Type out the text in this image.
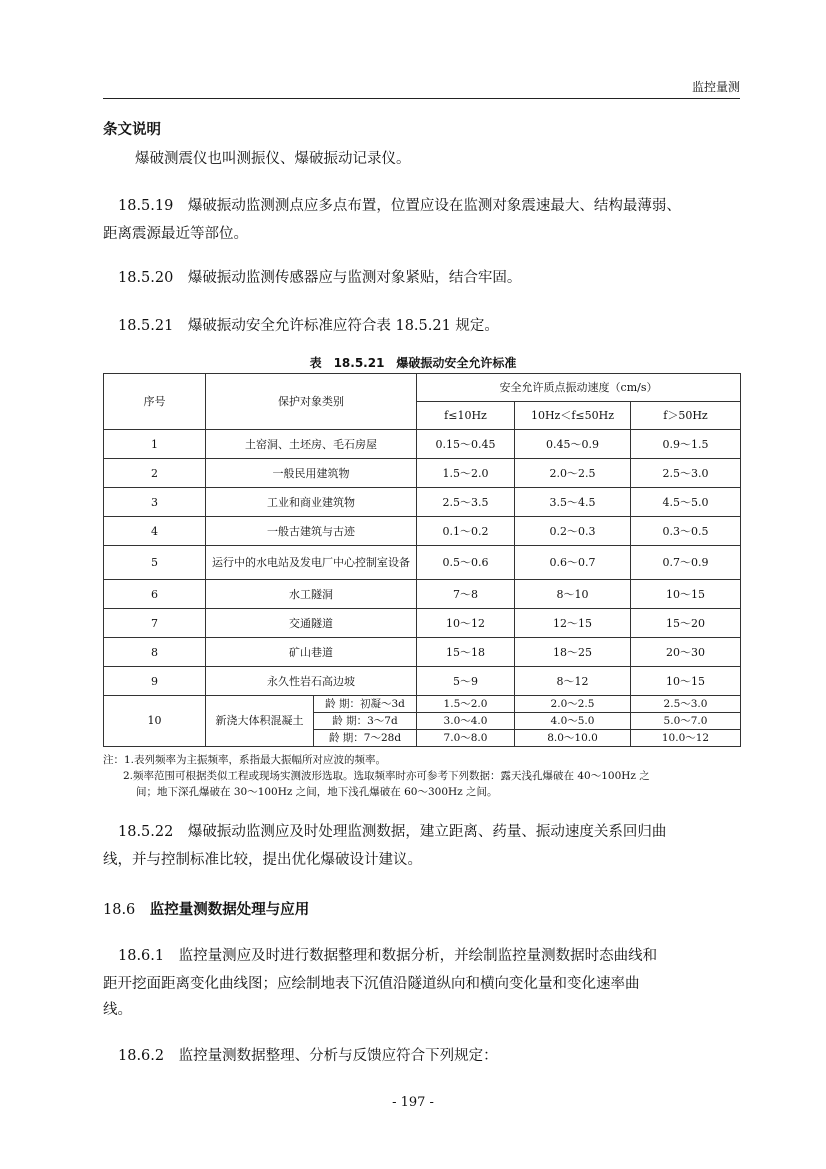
监控量测
条文说明
爆破测震仪也叫测振仪、爆破振动记录仪。
18.5.19　 爆破振动监测测点应多点布置，位置应设在监测对象震速最大、结构最薄弱、
距离震源最近等部位。
18.5.20　 爆破振动监测传感器应与监测对象紧贴，结合牢固。
18.5.21　 爆破振动安全允许标准应符合表 18.5.21 规定。
表　18.5.21　爆破振动安全允许标准
序号	保护对象类别		安全允许质点振动速度（cm/s）		
			f≤10Hz	10Hz＜f≤50Hz	f＞50Hz
1	土窑洞、土坯房、毛石房屋		0.15～0.45	0.45～0.9	0.9～1.5
2	一般民用建筑物		1.5～2.0	2.0～2.5	2.5～3.0
3	工业和商业建筑物		2.5～3.5	3.5～4.5	4.5～5.0
4	一般古建筑与古迹		0.1～0.2	0.2～0.3	0.3～0.5
5	运行中的水电站及发电厂中心控制室设备		0.5～0.6	0.6～0.7	0.7～0.9
6	水工隧洞		7～8	8～10	10～15
7	交通隧道		10～12	12～15	15～20
8	矿山巷道		15～18	18～25	20～30
9	永久性岩石高边坡		5～9	8～12	10～15
10	新浇大体积混凝土	龄 期：初凝～3d	1.5～2.0	2.0～2.5	2.5～3.0
		龄 期：3～7d	3.0～4.0	4.0～5.0	5.0～7.0
		龄 期：7～28d	7.0～8.0	8.0～10.0	10.0～12
注：1.表列频率为主振频率，系指最大振幅所对应波的频率。
2.频率范围可根据类似工程或现场实测波形选取。选取频率时亦可参考下列数据：露天浅孔爆破在 40～100Hz 之
间；地下深孔爆破在 30～100Hz 之间，地下浅孔爆破在 60～300Hz 之间。
18.5.22　 爆破振动监测应及时处理监测数据，建立距离、药量、振动速度关系回归曲
线，并与控制标准比较，提出优化爆破设计建议。
18.6　 监控量测数据处理与应用
18.6.1　 监控量测应及时进行数据整理和数据分析，并绘制监控量测数据时态曲线和
距开挖面距离变化曲线图；应绘制地表下沉值沿隧道纵向和横向变化量和变化速率曲
线。
18.6.2　 监控量测数据整理、分析与反馈应符合下列规定：
- 197 -
